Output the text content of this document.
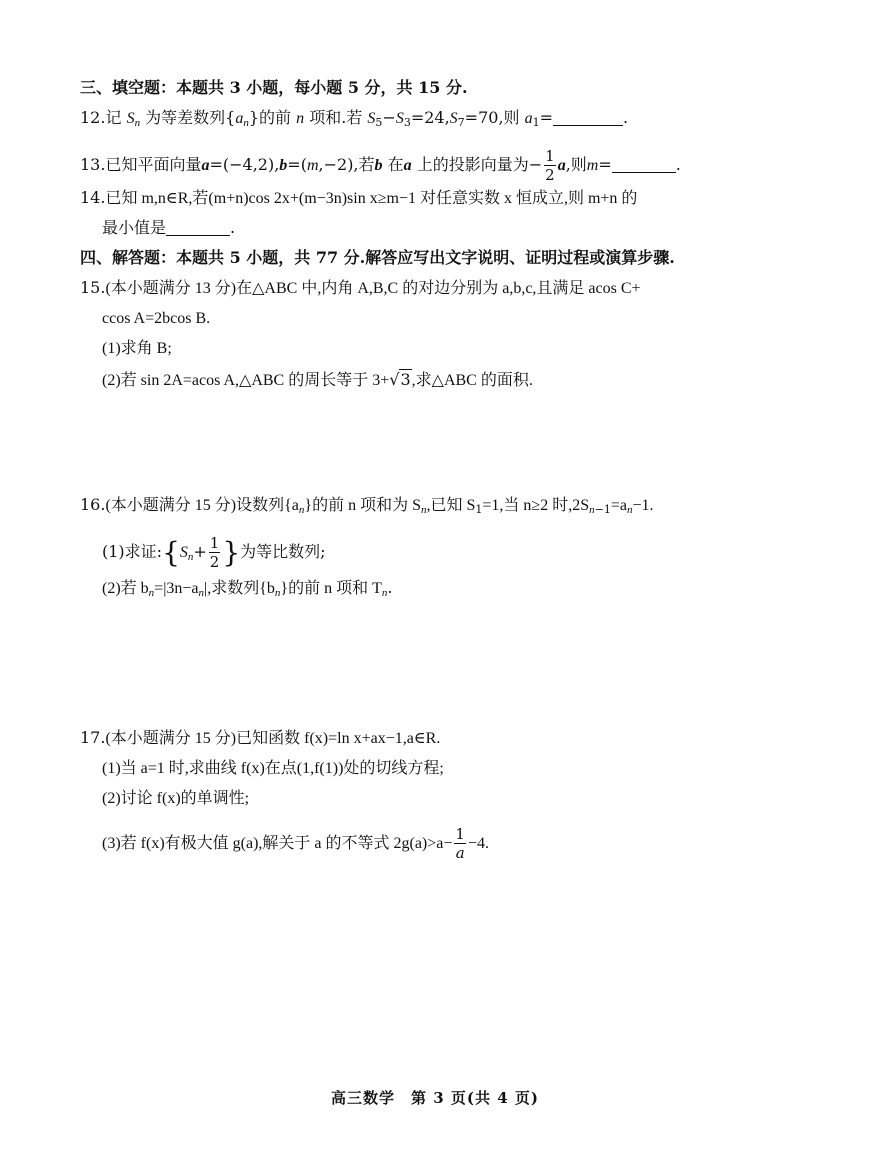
三、填空题：本题共 3 小题，每小题 5 分，共 15 分.
12.记 $S_n$ 为等差数列$\{a_n\}$的前 n 项和.若 $S_5-S_3=24,S_7=70$,则 $a_1=$	.
13.已知平面向量a=(−4,2),b=(m,−2),若b 在a 上的投影向量为− $\frac{1}{2} a$,则m=	.
14.已知 m,n∈R,若(m+n)cos 2x+(m−3n)sin x≥m−1 对任意实数 x 恒成立,则 m+n 的
最小值是	.
四、解答题：本题共 5 小题，共 77 分.解答应写出文字说明、证明过程或演算步骤.
15.(本小题满分 13 分)在△ABC 中,内角 A,B,C 的对边分别为 a,b,c,且满足 acos C+
ccos A=2bcos B.
(1)求角 B;
(2)若 sin 2A=acos A,△ABC 的周长等于 3+√3,求△ABC 的面积.
16.(本小题满分 15 分)设数列$\{a_n\}$的前 n 项和为 $S_n$,已知 $S_1=1$,当 n≥2 时$,2S_{n-1}=a_n-1$.
(1)求证$:\{S_n+ \frac{1}{2}$ }为等比数列;
(2)若 $b_n=|3n-a_n|$,求数列$\{b_n\}$的前 n 项和 $T_n$.
17.(本小题满分 15 分)已知函数 f(x)=ln x+ax−1,a∈R.
(1)当 a=1 时,求曲线 f(x)在点(1,f(1))处的切线方程;
(2)讨论 f(x)的单调性;
(3)若 f(x)有极大值 g(a),解关于 a 的不等式 $2g(a)>a- \frac{1}{a} -4$.
高三数学　第 3 页(共 4 页)
